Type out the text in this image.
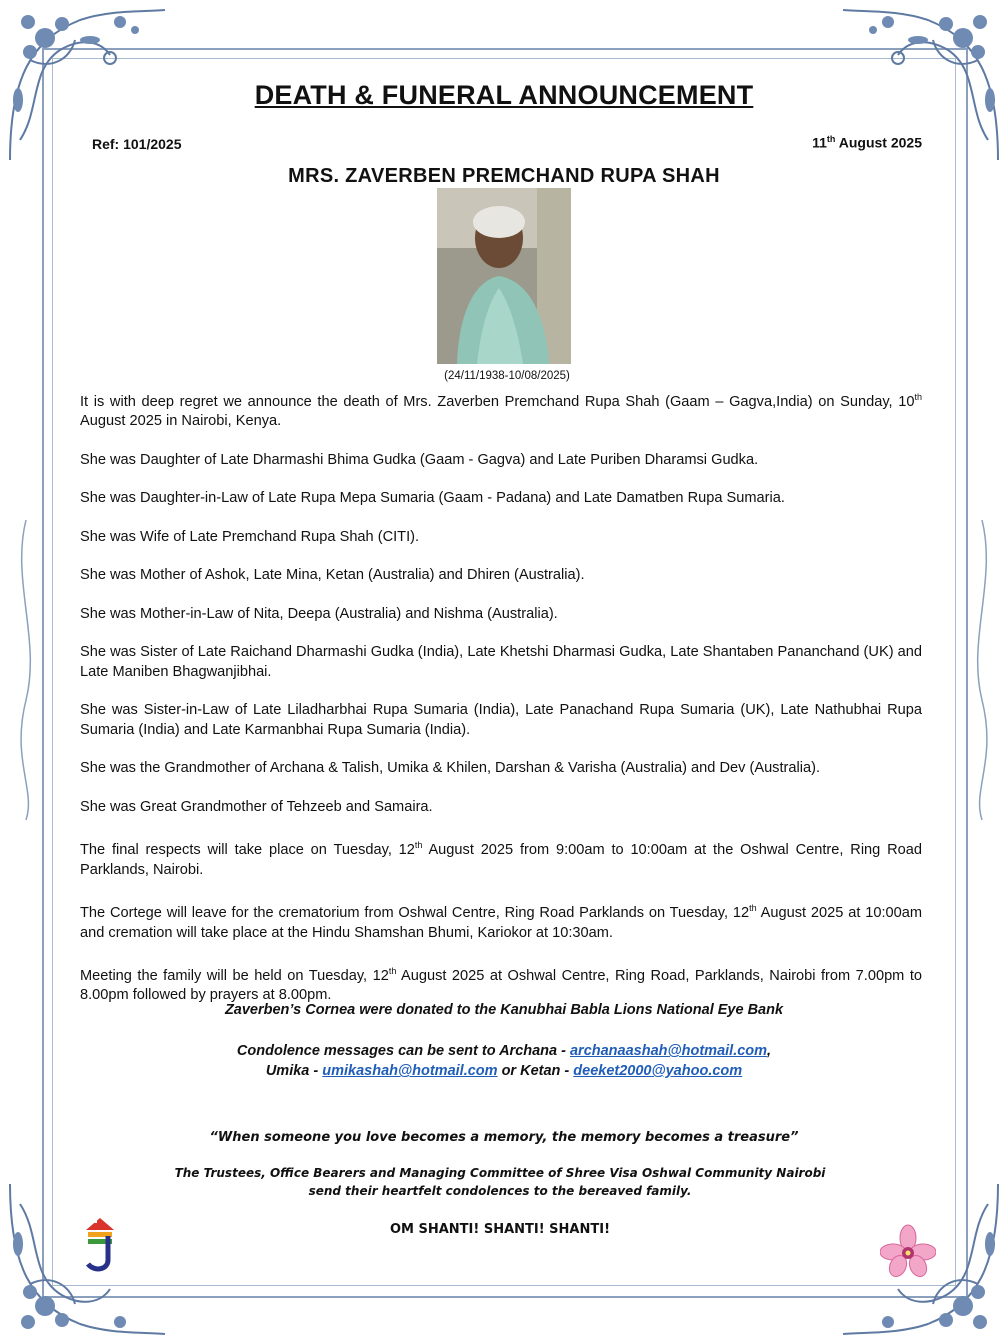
DEATH & FUNERAL ANNOUNCEMENT
Ref: 101/2025	11th August 2025
MRS. ZAVERBEN PREMCHAND RUPA SHAH
(24/11/1938-10/08/2025)

It is with deep regret we announce the death of Mrs. Zaverben Premchand Rupa Shah (Gaam – Gagva,India) on Sunday, 10th August 2025 in Nairobi, Kenya.

She was Daughter of Late Dharmashi Bhima Gudka (Gaam - Gagva) and Late Puriben Dharamsi Gudka.

She was Daughter-in-Law of Late Rupa Mepa Sumaria (Gaam - Padana) and Late Damatben Rupa Sumaria.

She was Wife of Late Premchand Rupa Shah (CITI).

She was Mother of Ashok, Late Mina, Ketan (Australia) and Dhiren (Australia).

She was Mother-in-Law of Nita, Deepa (Australia) and Nishma (Australia).

She was Sister of Late Raichand Dharmashi Gudka (India), Late Khetshi Dharmasi Gudka, Late Shantaben Pananchand (UK) and Late Maniben Bhagwanjibhai.

She was Sister-in-Law of Late Liladharbhai Rupa Sumaria (India), Late Panachand Rupa Sumaria (UK), Late Nathubhai Rupa Sumaria (India) and Late Karmanbhai Rupa Sumaria (India).

She was the Grandmother of Archana & Talish, Umika & Khilen, Darshan & Varisha (Australia) and Dev (Australia).

She was Great Grandmother of Tehzeeb and Samaira.

The final respects will take place on Tuesday, 12th August 2025 from 9:00am to 10:00am at the Oshwal Centre, Ring Road Parklands, Nairobi.

The Cortege will leave for the crematorium from Oshwal Centre, Ring Road Parklands on Tuesday, 12th August 2025 at 10:00am and cremation will take place at the Hindu Shamshan Bhumi, Kariokor at 10:30am.

Meeting the family will be held on Tuesday, 12th August 2025 at Oshwal Centre, Ring Road, Parklands, Nairobi from 7.00pm to 8.00pm followed by prayers at 8.00pm.

Zaverben’s Cornea were donated to the Kanubhai Babla Lions National Eye Bank
Condolence messages can be sent to Archana - archanaashah@hotmail.com,
Umika - umikashah@hotmail.com or Ketan - deeket2000@yahoo.com
“When someone you love becomes a memory, the memory becomes a treasure”
The Trustees, Office Bearers and Managing Committee of Shree Visa Oshwal Community Nairobi
send their heartfelt condolences to the bereaved family.
OM SHANTI! SHANTI! SHANTI!
